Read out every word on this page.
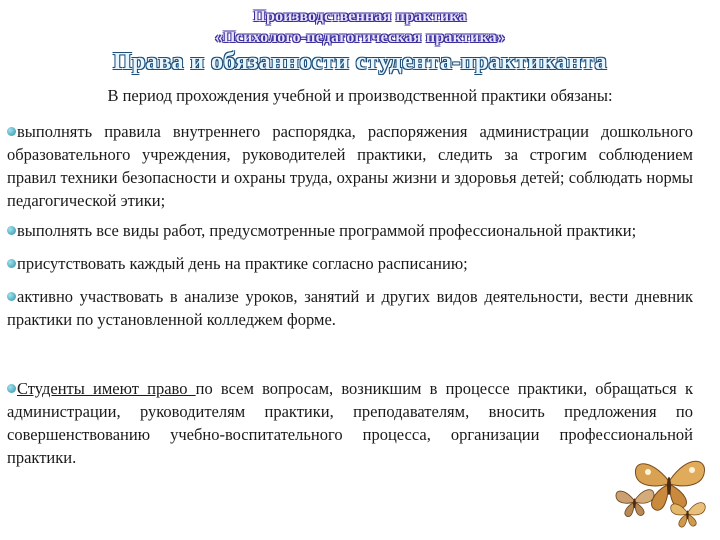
Производственная практика
«Психолого-педагогическая практика»
Права и обязанности студента-практиканта
В период прохождения учебной и производственной практики обязаны:
выполнять правила внутреннего распорядка, распоряжения администрации дошкольного образовательного учреждения, руководителей практики, следить за строгим соблюдением правил техники безопасности и охраны труда, охраны жизни и здоровья детей; соблюдать нормы педагогической этики;
выполнять все виды работ, предусмотренные программой профессиональной практики;
присутствовать каждый день на практике согласно расписанию;
активно участвовать в анализе уроков, занятий и других видов деятельности, вести дневник практики по установленной колледжем форме.
Студенты имеют право по всем вопросам, возникшим в процессе практики, обращаться к администрации, руководителям практики, преподавателям, вносить предложения по совершенствованию учебно-воспитательного процесса, организации профессиональной практики.
